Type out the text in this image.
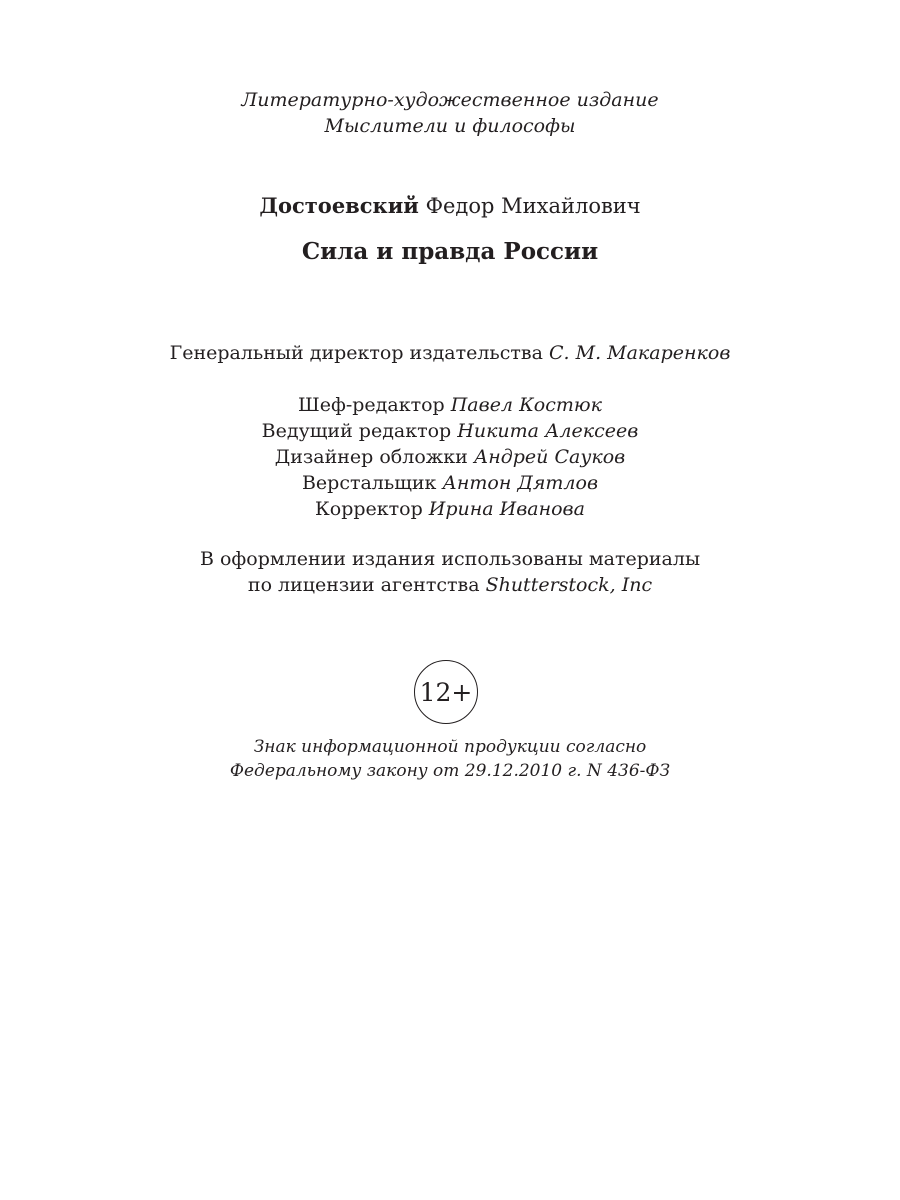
Литературно-художественное издание
Мыслители и философы
Достоевский Федор Михайлович
Сила и правда России
Генеральный директор издательства С. М. Макаренков
Шеф-редактор Павел Костюк
Ведущий редактор Никита Алексеев
Дизайнер обложки Андрей Сауков
Верстальщик Антон Дятлов
Корректор Ирина Иванова
В оформлении издания использованы материалы
по лицензии агентства Shutterstock, Inc
12+
Знак информационной продукции согласно
Федеральному закону от 29.12.2010 г. N 436-ФЗ
